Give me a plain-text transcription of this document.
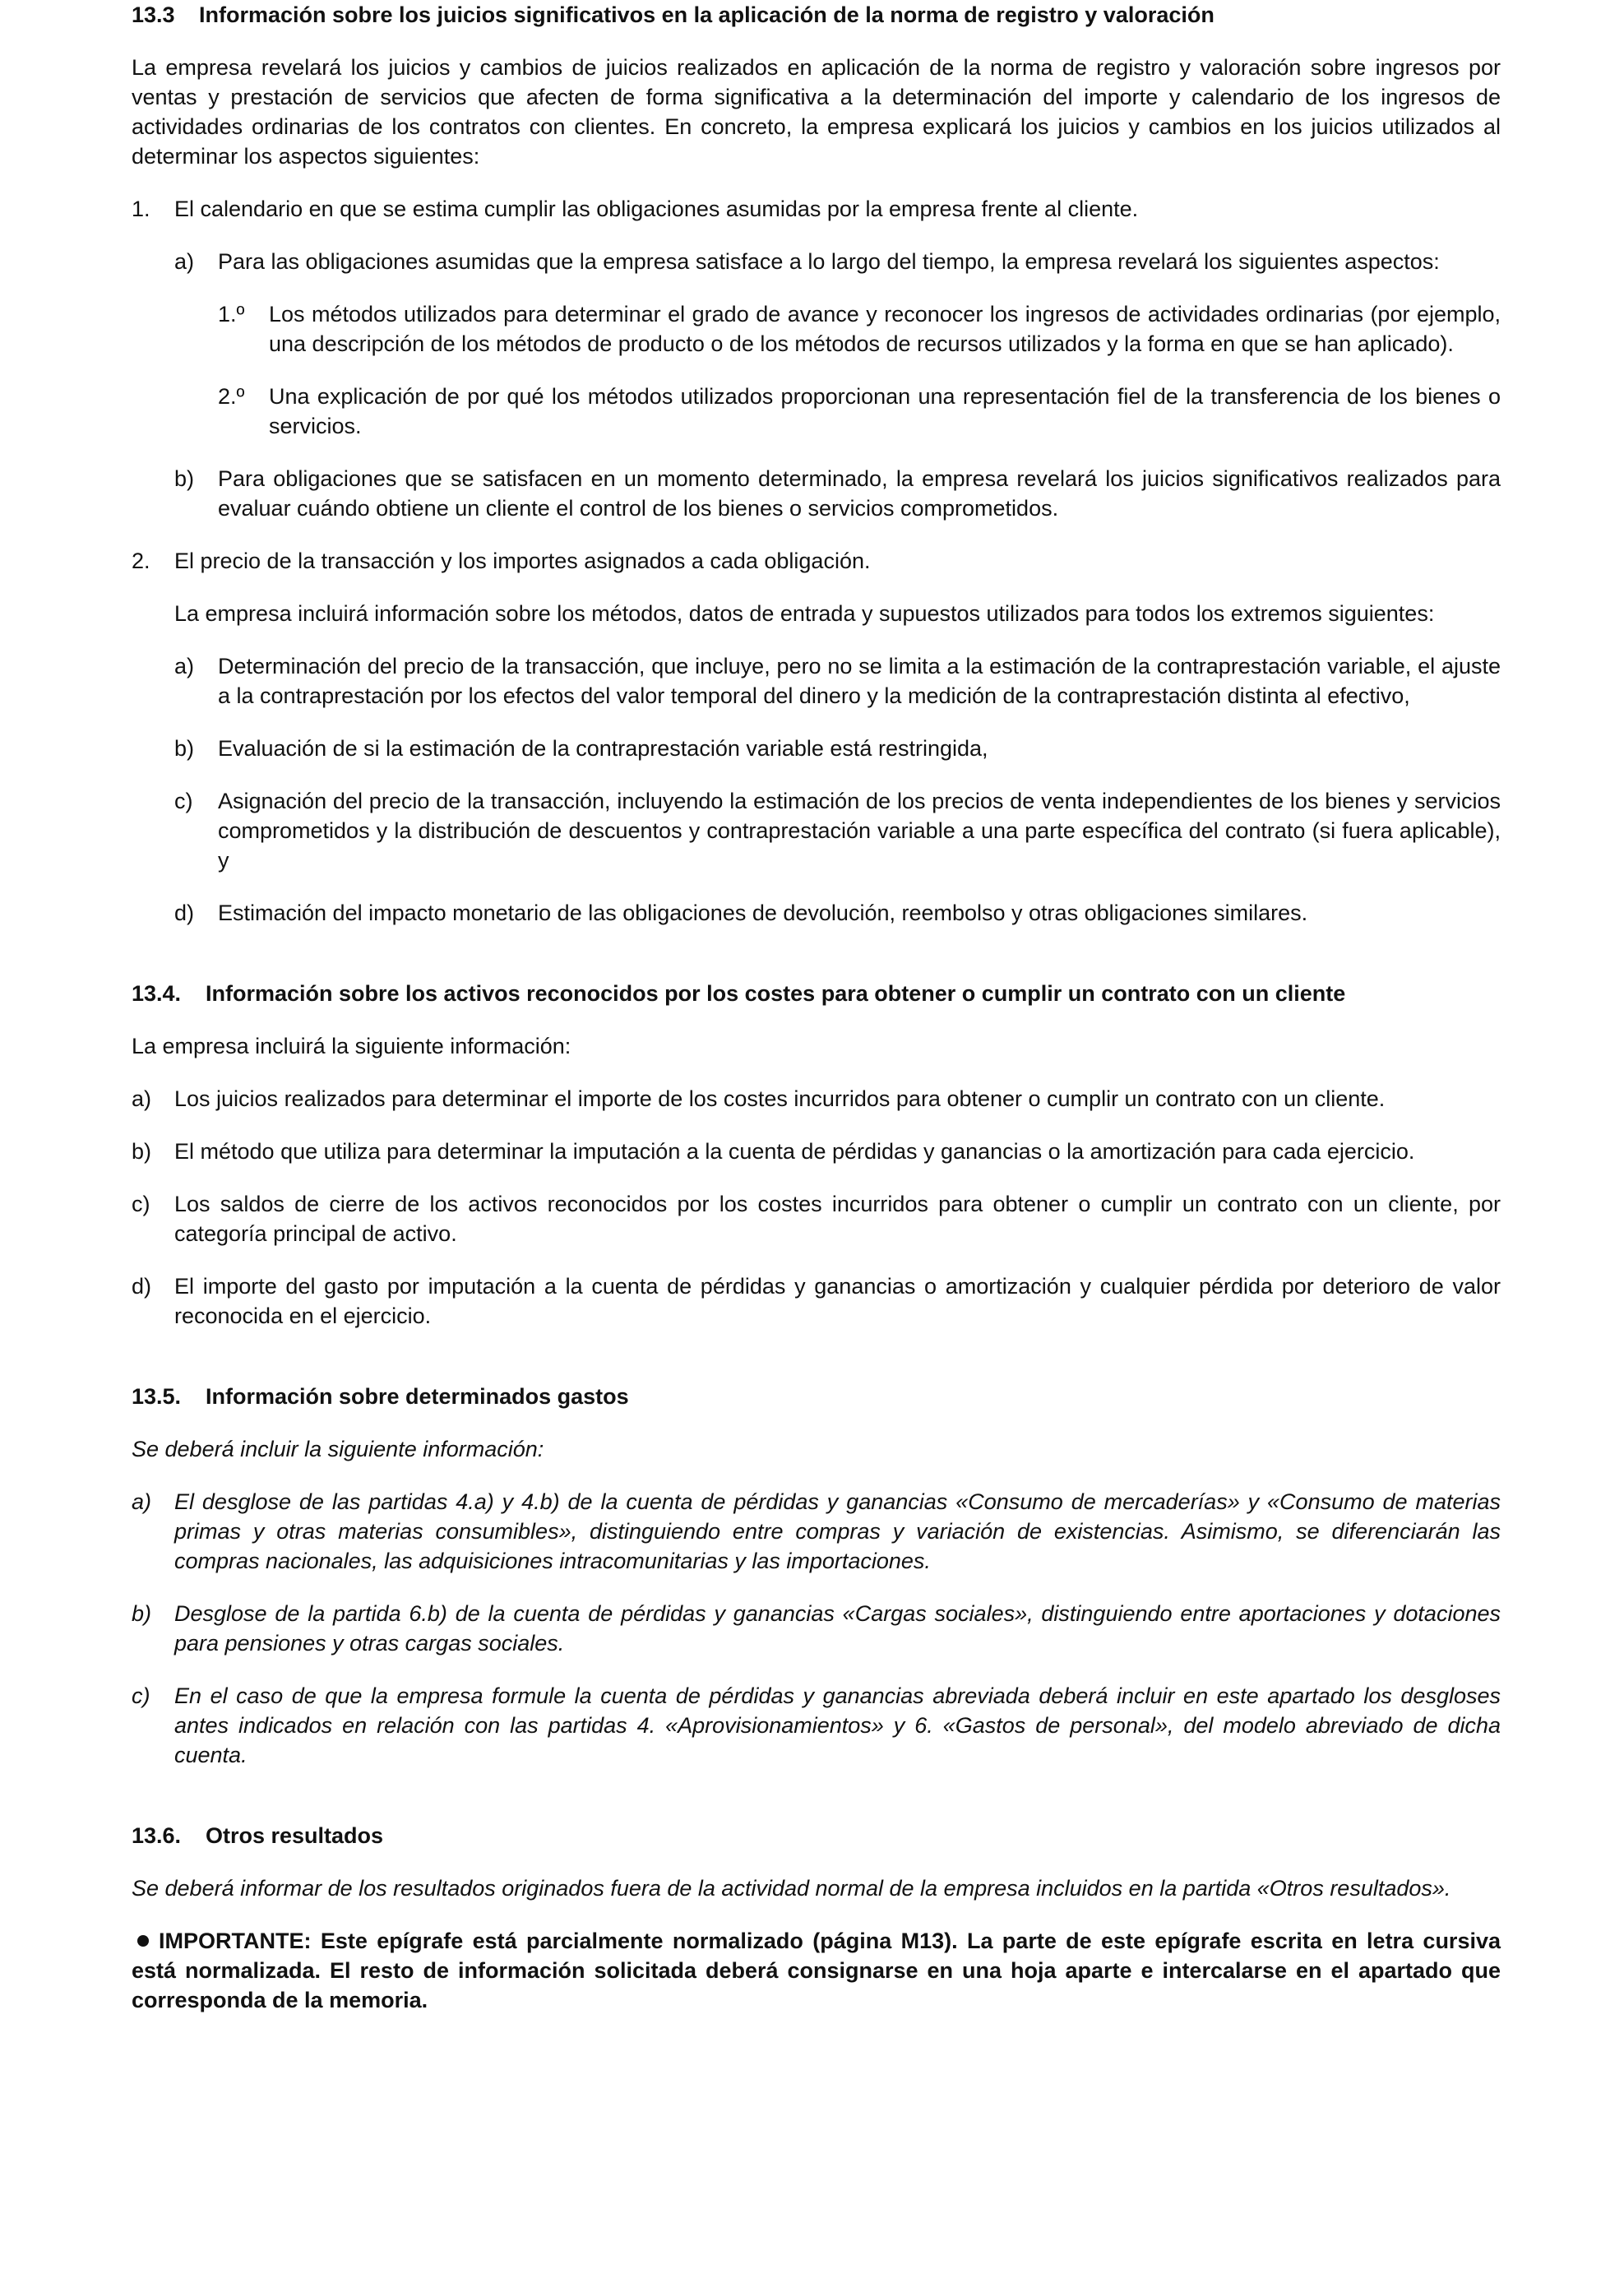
13.3	Información sobre los juicios significativos en la aplicación de la norma de registro y valoración

La empresa revelará los juicios y cambios de juicios realizados en aplicación de la norma de registro y valoración sobre ingresos por ventas y prestación de servicios que afecten de forma significativa a la determinación del importe y calendario de los ingresos de actividades ordinarias de los contratos con clientes. En concreto, la empresa explicará los juicios y cambios en los juicios utilizados al determinar los aspectos siguientes:

1.	El calendario en que se estima cumplir las obligaciones asumidas por la empresa frente al cliente.
a)	Para las obligaciones asumidas que la empresa satisface a lo largo del tiempo, la empresa revelará los siguientes aspectos:
1.º	Los métodos utilizados para determinar el grado de avance y reconocer los ingresos de actividades ordinarias (por ejemplo, una descripción de los métodos de producto o de los métodos de recursos utilizados y la forma en que se han aplicado).
2.º	Una explicación de por qué los métodos utilizados proporcionan una representación fiel de la transferencia de los bienes o servicios.
b)	Para obligaciones que se satisfacen en un momento determinado, la empresa revelará los juicios significativos realizados para evaluar cuándo obtiene un cliente el control de los bienes o servicios comprometidos.
2.	El precio de la transacción y los importes asignados a cada obligación.

La empresa incluirá información sobre los métodos, datos de entrada y supuestos utilizados para todos los extremos siguientes:

a)	Determinación del precio de la transacción, que incluye, pero no se limita a la estimación de la contraprestación variable, el ajuste a la contraprestación por los efectos del valor temporal del dinero y la medición de la contraprestación distinta al efectivo,
b)	Evaluación de si la estimación de la contraprestación variable está restringida,
c)	Asignación del precio de la transacción, incluyendo la estimación de los precios de venta independientes de los bienes y servicios comprometidos y la distribución de descuentos y contraprestación variable a una parte específica del contrato (si fuera aplicable), y
d)	Estimación del impacto monetario de las obligaciones de devolución, reembolso y otras obligaciones similares.
13.4.	Información sobre los activos reconocidos por los costes para obtener o cumplir un contrato con un cliente

La empresa incluirá la siguiente información:

a)	Los juicios realizados para determinar el importe de los costes incurridos para obtener o cumplir un contrato con un cliente.
b)	El método que utiliza para determinar la imputación a la cuenta de pérdidas y ganancias o la amortización para cada ejercicio.
c)	Los saldos de cierre de los activos reconocidos por los costes incurridos para obtener o cumplir un contrato con un cliente, por categoría principal de activo.
d)	El importe del gasto por imputación a la cuenta de pérdidas y ganancias o amortización y cualquier pérdida por deterioro de valor reconocida en el ejercicio.
13.5.	Información sobre determinados gastos

Se deberá incluir la siguiente información:

a)	El desglose de las partidas 4.a) y 4.b) de la cuenta de pérdidas y ganancias «Consumo de mercaderías» y «Consumo de materias primas y otras materias consumibles», distinguiendo entre compras y variación de existencias. Asimismo, se diferenciarán las compras nacionales, las adquisiciones intracomunitarias y las importaciones.
b)	Desglose de la partida 6.b) de la cuenta de pérdidas y ganancias «Cargas sociales», distinguiendo entre aportaciones y dotaciones para pensiones y otras cargas sociales.
c)	En el caso de que la empresa formule la cuenta de pérdidas y ganancias abreviada deberá incluir en este apartado los desgloses antes indicados en relación con las partidas 4. «Aprovisionamientos» y 6. «Gastos de personal», del modelo abreviado de dicha cuenta.
13.6.	Otros resultados

Se deberá informar de los resultados originados fuera de la actividad normal de la empresa incluidos en la partida «Otros resultados».

IMPORTANTE: Este epígrafe está parcialmente normalizado (página M13). La parte de este epígrafe escrita en letra cursiva está normalizada. El resto de información solicitada deberá consignarse en una hoja aparte e intercalarse en el apartado que corresponda de la memoria.
